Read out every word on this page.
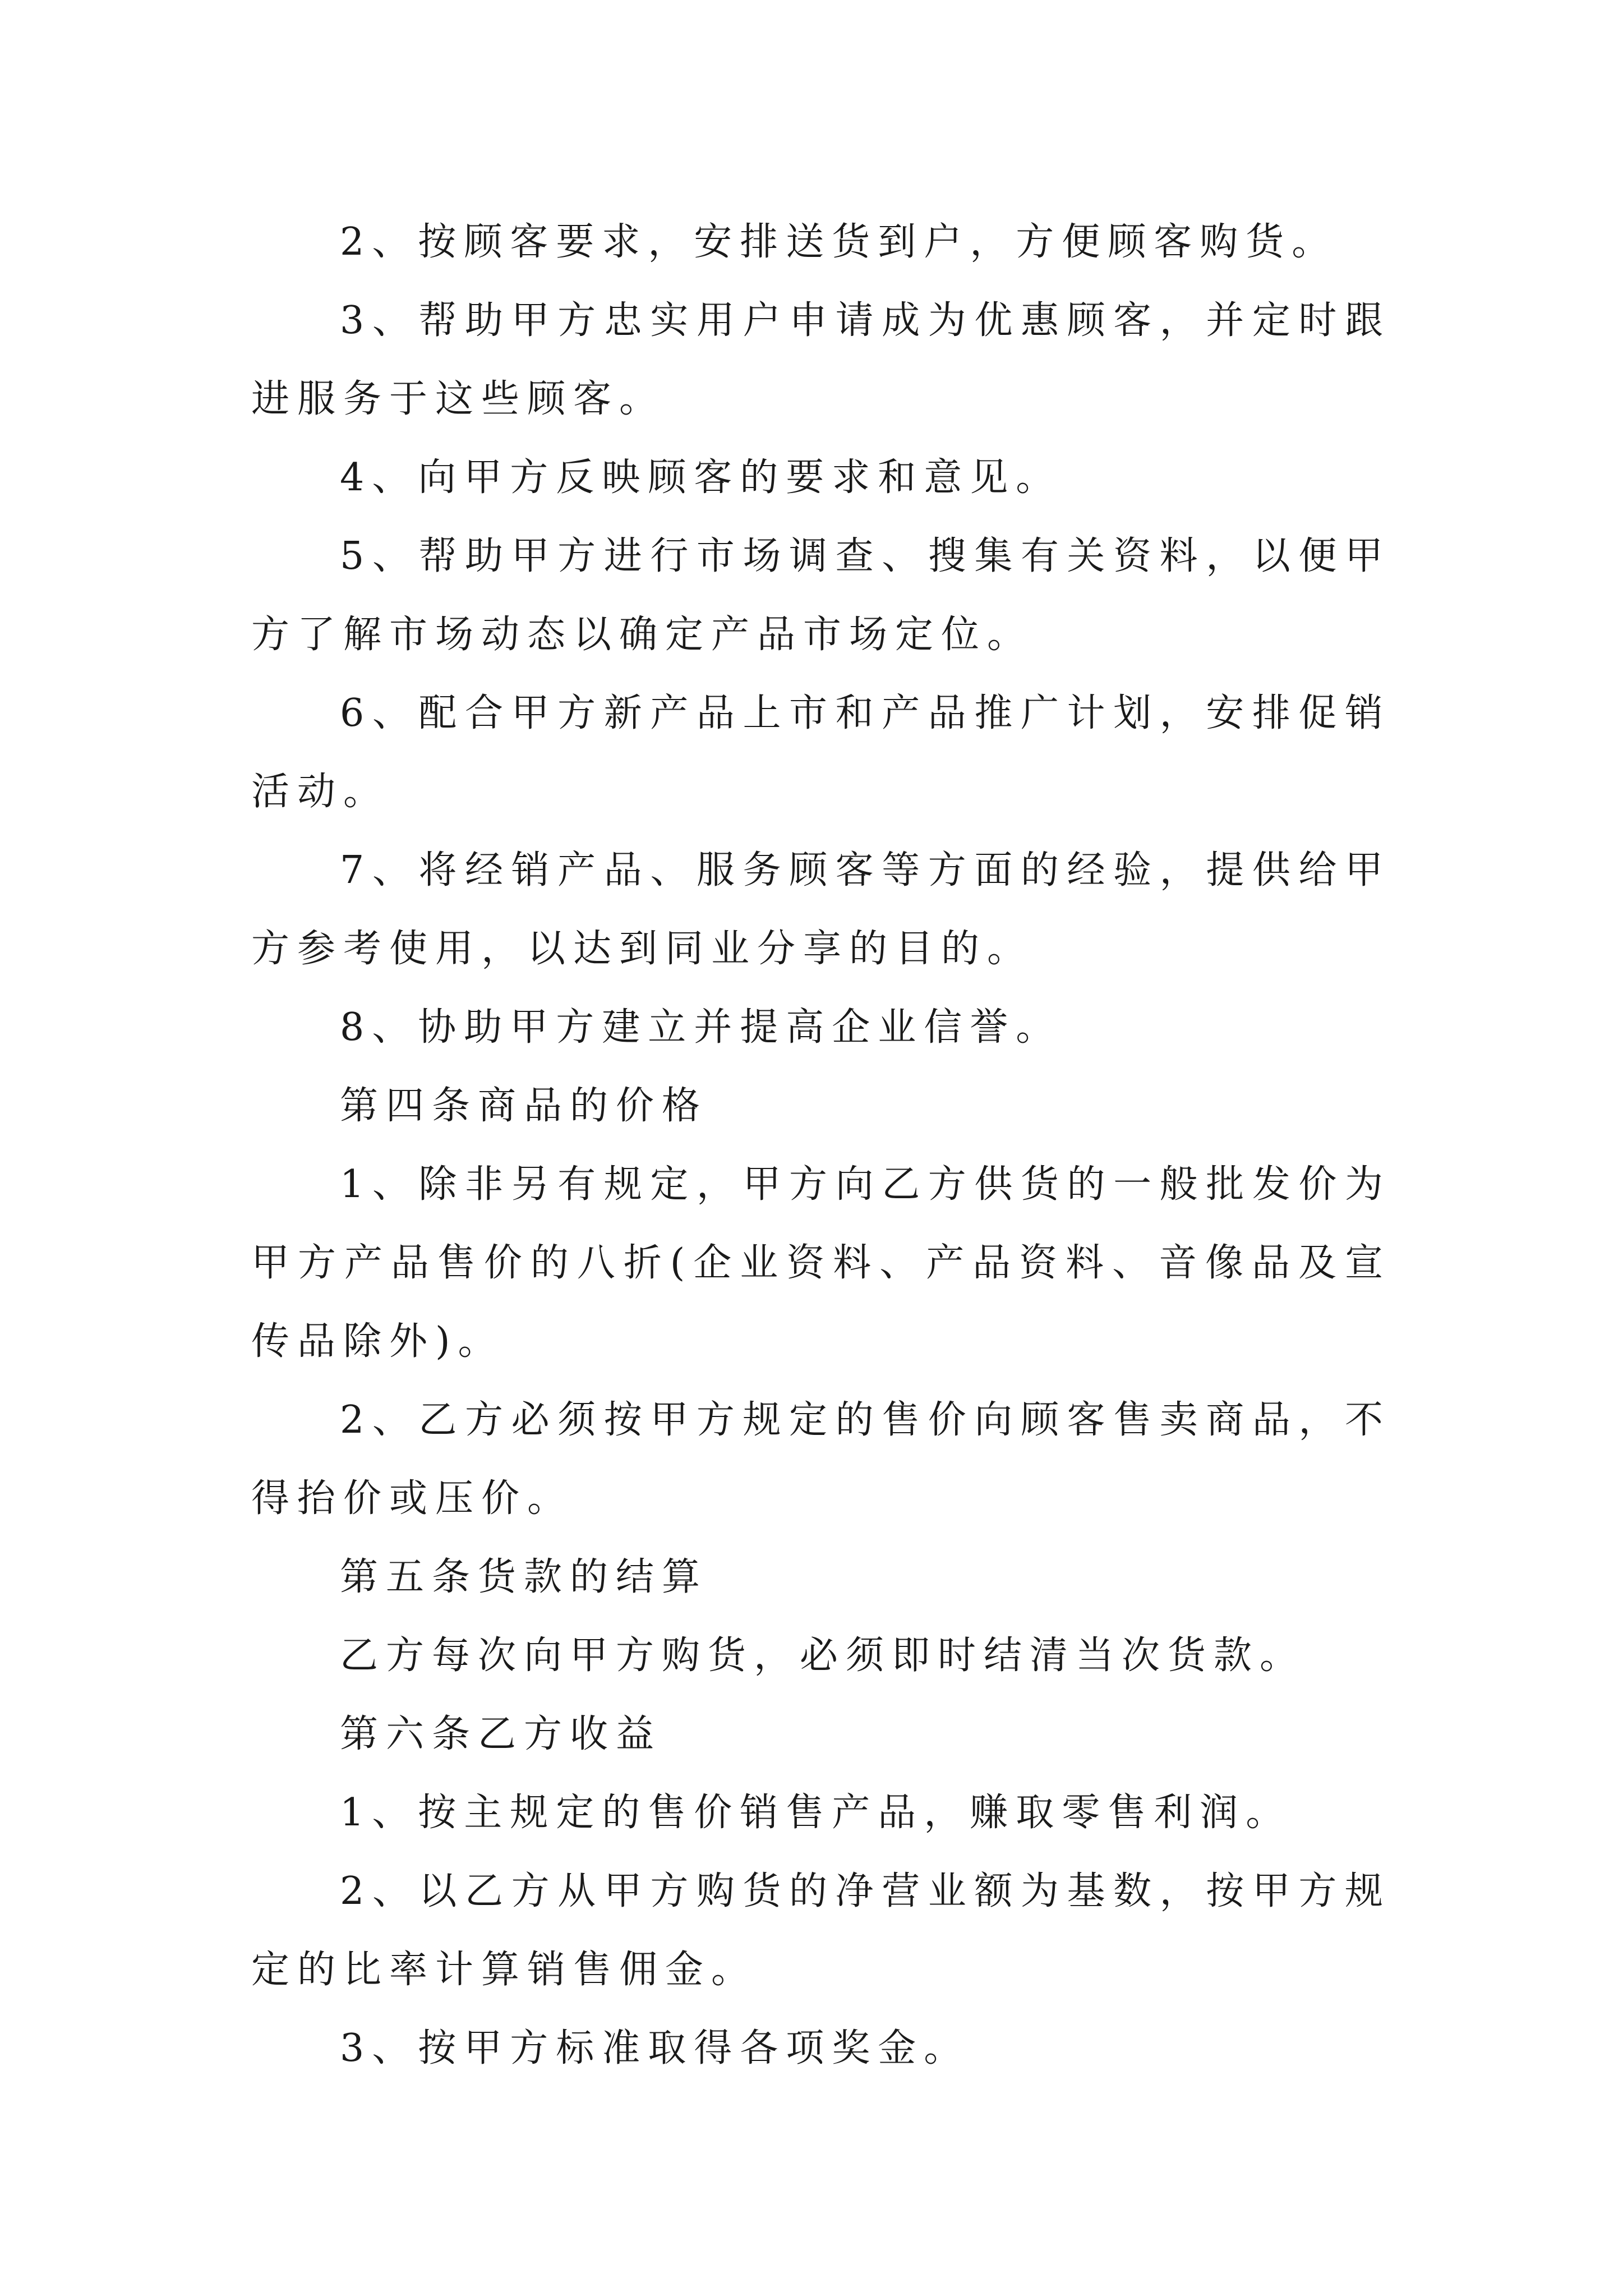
2、按顾客要求，安排送货到户，方便顾客购货。

3、帮助甲方忠实用户申请成为优惠顾客，并定时跟进服务于这些顾客。

4、向甲方反映顾客的要求和意见。

5、帮助甲方进行市场调查、搜集有关资料，以便甲方了解市场动态以确定产品市场定位。

6、配合甲方新产品上市和产品推广计划，安排促销活动。

7、将经销产品、服务顾客等方面的经验，提供给甲方参考使用，以达到同业分享的目的。

8、协助甲方建立并提高企业信誉。

第四条商品的价格

1、除非另有规定，甲方向乙方供货的一般批发价为甲方产品售价的八折(企业资料、产品资料、音像品及宣传品除外)。

2、乙方必须按甲方规定的售价向顾客售卖商品，不得抬价或压价。

第五条货款的结算

乙方每次向甲方购货，必须即时结清当次货款。

第六条乙方收益

1、按主规定的售价销售产品，赚取零售利润。

2、以乙方从甲方购货的净营业额为基数，按甲方规定的比率计算销售佣金。

3、按甲方标准取得各项奖金。
